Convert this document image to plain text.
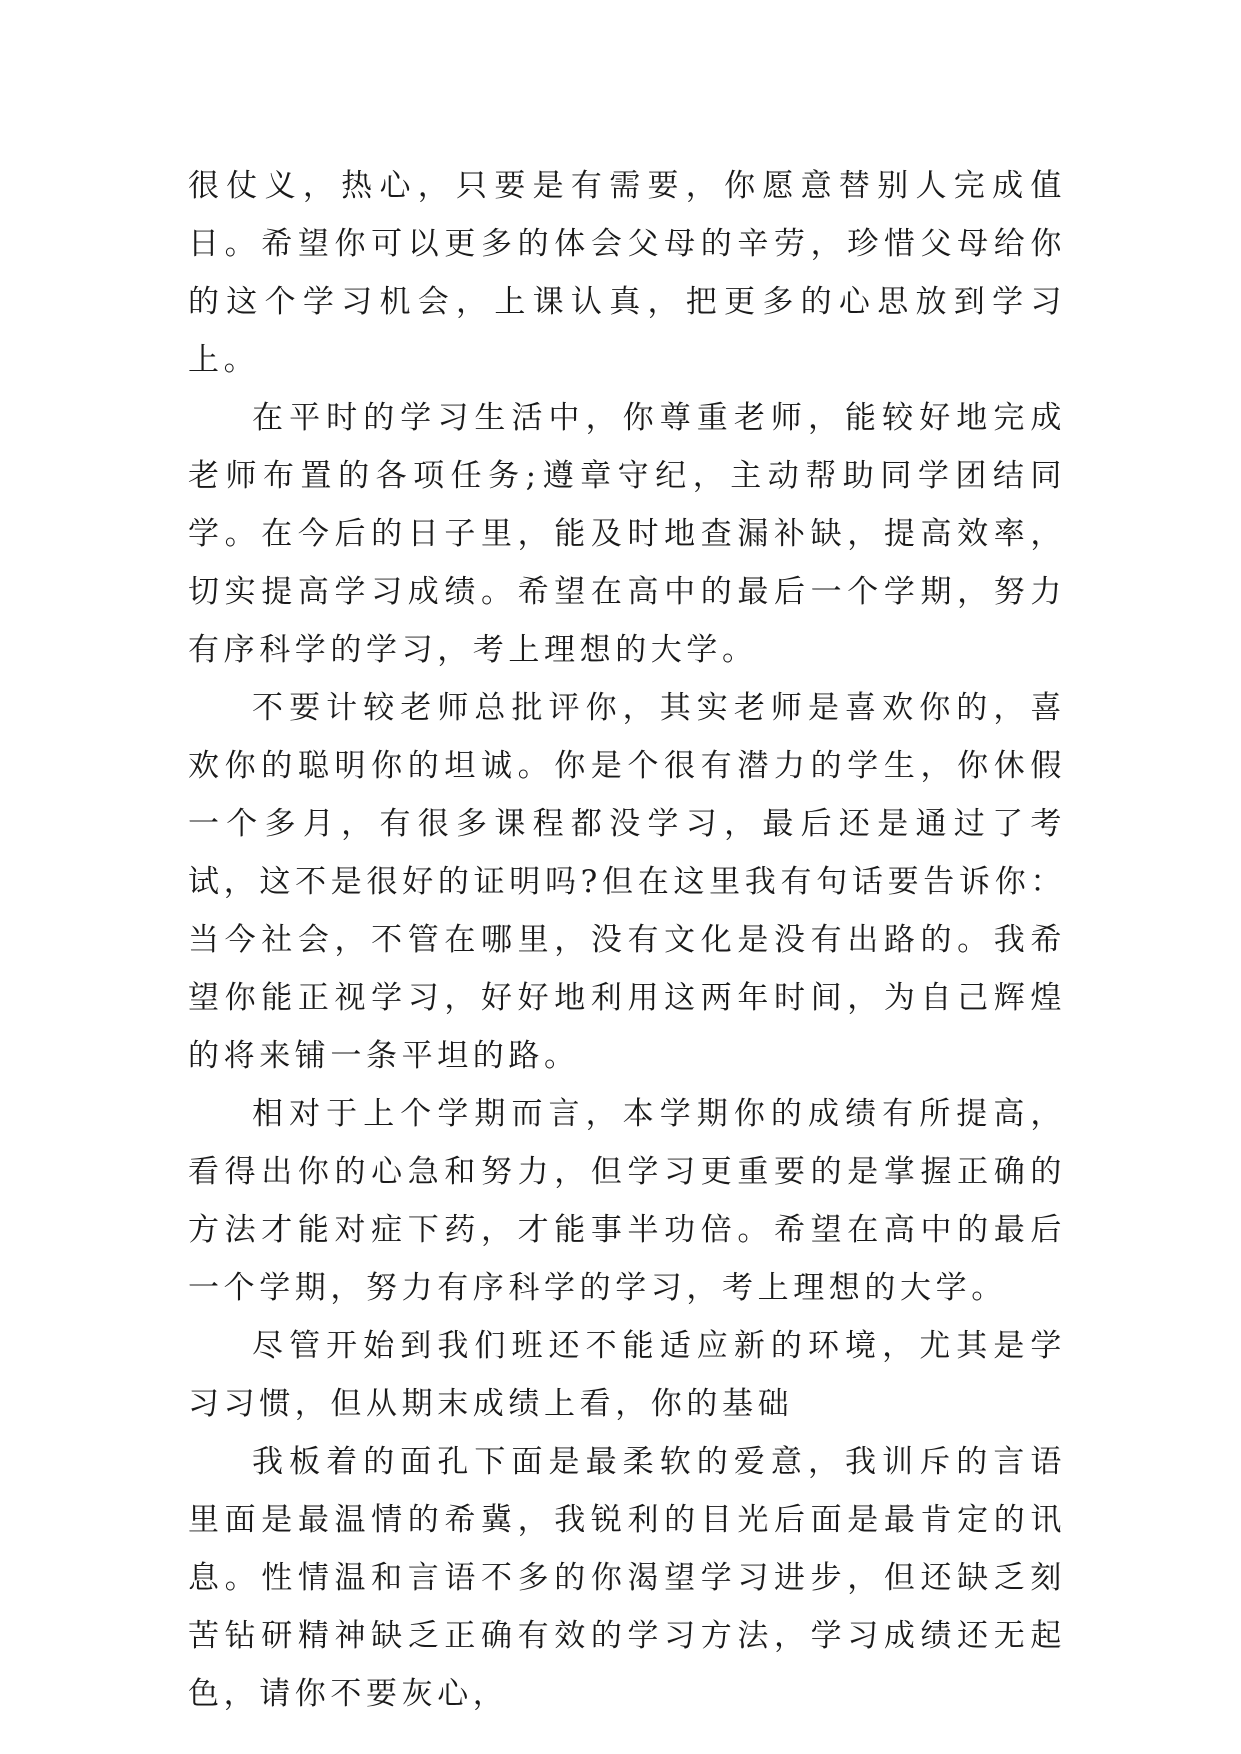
很仗义，热心，只要是有需要，你愿意替别人完成值日。希望你可以更多的体会父母的辛劳，珍惜父母给你的这个学习机会，上课认真，把更多的心思放到学习上。

在平时的学习生活中，你尊重老师，能较好地完成老师布置的各项任务;遵章守纪，主动帮助同学团结同学。在今后的日子里，能及时地查漏补缺，提高效率，切实提高学习成绩。希望在高中的最后一个学期，努力有序科学的学习，考上理想的大学。

不要计较老师总批评你，其实老师是喜欢你的，喜欢你的聪明你的坦诚。你是个很有潜力的学生，你休假一个多月，有很多课程都没学习，最后还是通过了考试，这不是很好的证明吗?但在这里我有句话要告诉你：当今社会，不管在哪里，没有文化是没有出路的。我希望你能正视学习，好好地利用这两年时间，为自己辉煌的将来铺一条平坦的路。

相对于上个学期而言，本学期你的成绩有所提高，看得出你的心急和努力，但学习更重要的是掌握正确的方法才能对症下药，才能事半功倍。希望在高中的最后一个学期，努力有序科学的学习，考上理想的大学。

尽管开始到我们班还不能适应新的环境，尤其是学习习惯，但从期末成绩上看，你的基础

我板着的面孔下面是最柔软的爱意，我训斥的言语里面是最温情的希冀，我锐利的目光后面是最肯定的讯息。性情温和言语不多的你渴望学习进步，但还缺乏刻苦钻研精神缺乏正确有效的学习方法，学习成绩还无起色，请你不要灰心，
